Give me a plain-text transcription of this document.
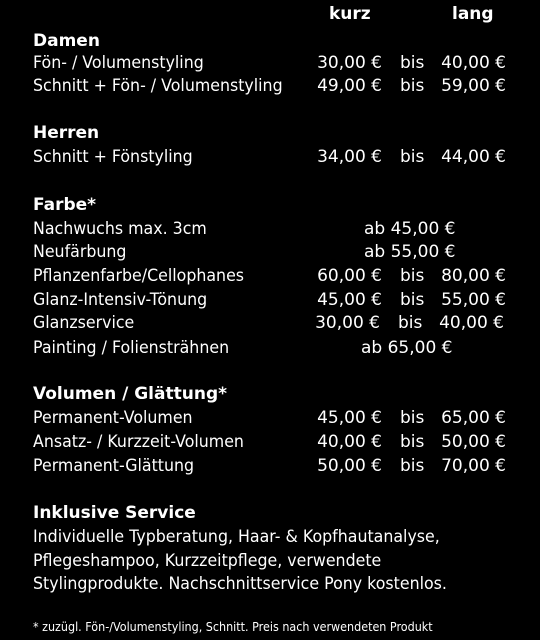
kurz	lang
Damen
Fön- / Volumenstyling	30,00 € bis 40,00 €
Schnitt + Fön- / Volumenstyling 49,00 € bis 59,00 €
Herren
Schnitt + Fönstyling	34,00 € bis 44,00 €
Farbe*
Nachwuchs max. 3cm	ab 45,00 €
Neufärbung	ab 55,00 €
Pflanzenfarbe/Cellophanes	60,00 € bis 80,00 €
Glanz-Intensiv-Tönung	45,00 € bis 55,00 €
Glanzservice	30,00 € bis 40,00 €
Painting / Foliensträhnen	ab 65,00 €
Volumen / Glättung*
Permanent-Volumen	45,00 € bis 65,00 €
Ansatz- / Kurzzeit-Volumen	40,00 € bis 50,00 €
Permanent-Glättung	50,00 € bis 70,00 €
Inklusive Service
Individuelle Typberatung, Haar- & Kopfhautanalyse,
Pflegeshampoo, Kurzzeitpflege, verwendete
Stylingprodukte. Nachschnittservice Pony kostenlos.
* zuzügl. Fön-/Volumenstyling, Schnitt. Preis nach verwendeten Produkt
